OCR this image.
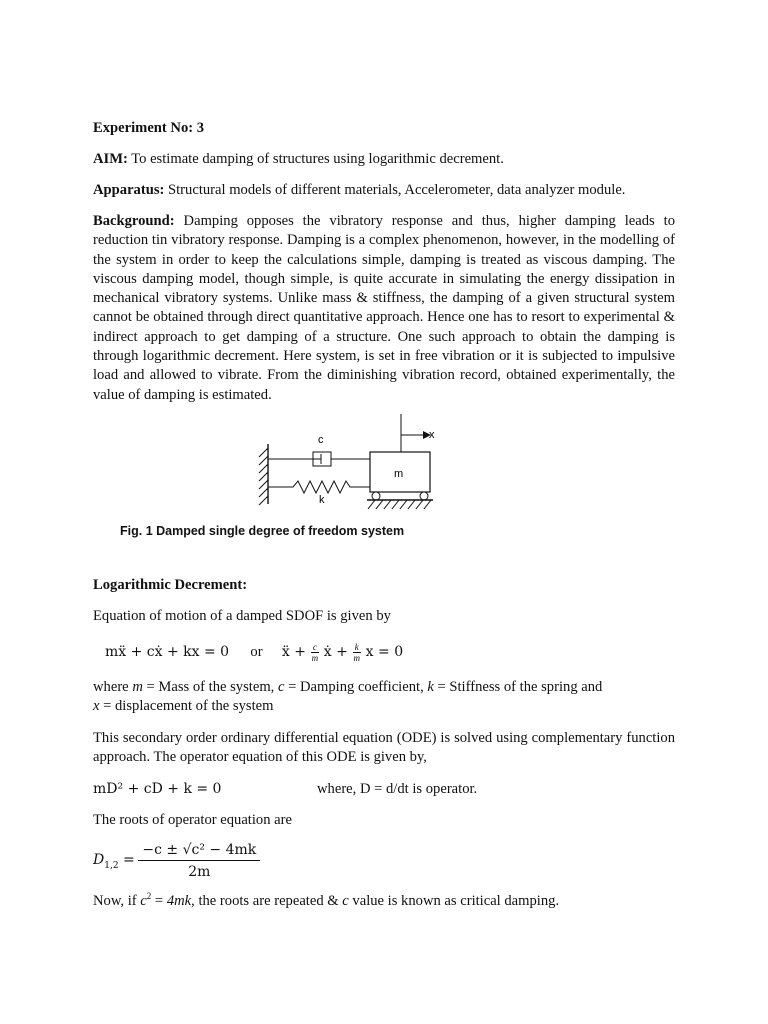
Experiment No: 3
AIM: To estimate damping of structures using logarithmic decrement.
Apparatus: Structural models of different materials, Accelerometer, data analyzer module.
Background: Damping opposes the vibratory response and thus, higher damping leads to reduction tin vibratory response. Damping is a complex phenomenon, however, in the modelling of the system in order to keep the calculations simple, damping is treated as viscous damping. The viscous damping model, though simple, is quite accurate in simulating the energy dissipation in mechanical vibratory systems. Unlike mass & stiffness, the damping of a given structural system cannot be obtained through direct quantitative approach. Hence one has to resort to experimental & indirect approach to get damping of a structure. One such approach to obtain the damping is through logarithmic decrement. Here system, is set in free vibration or it is subjected to impulsive load and allowed to vibrate. From the diminishing vibration record, obtained experimentally, the value of damping is estimated.
c
k
m
x
Fig. 1 Damped single degree of freedom system
Logarithmic Decrement:
Equation of motion of a damped SDOF is given by
mẍ + cẋ + kx = 0 or ẍ + $\frac{c}{m}$ ẋ + $\frac{k}{m}$ x = 0
where m = Mass of the system, c = Damping coefficient, k = Stiffness of the spring and
x = displacement of the system
This secondary order ordinary differential equation (ODE) is solved using complementary function approach. The operator equation of this ODE is given by,
mD² + cD + k = 0	where, D = d/dt is operator.
The roots of operator equation are
$D_{1,2} = \frac{\text{−c ± √c² − 4mk}}{2m}$
Now, if $c^2 = 4mk$, the roots are repeated & c value is known as critical damping.
